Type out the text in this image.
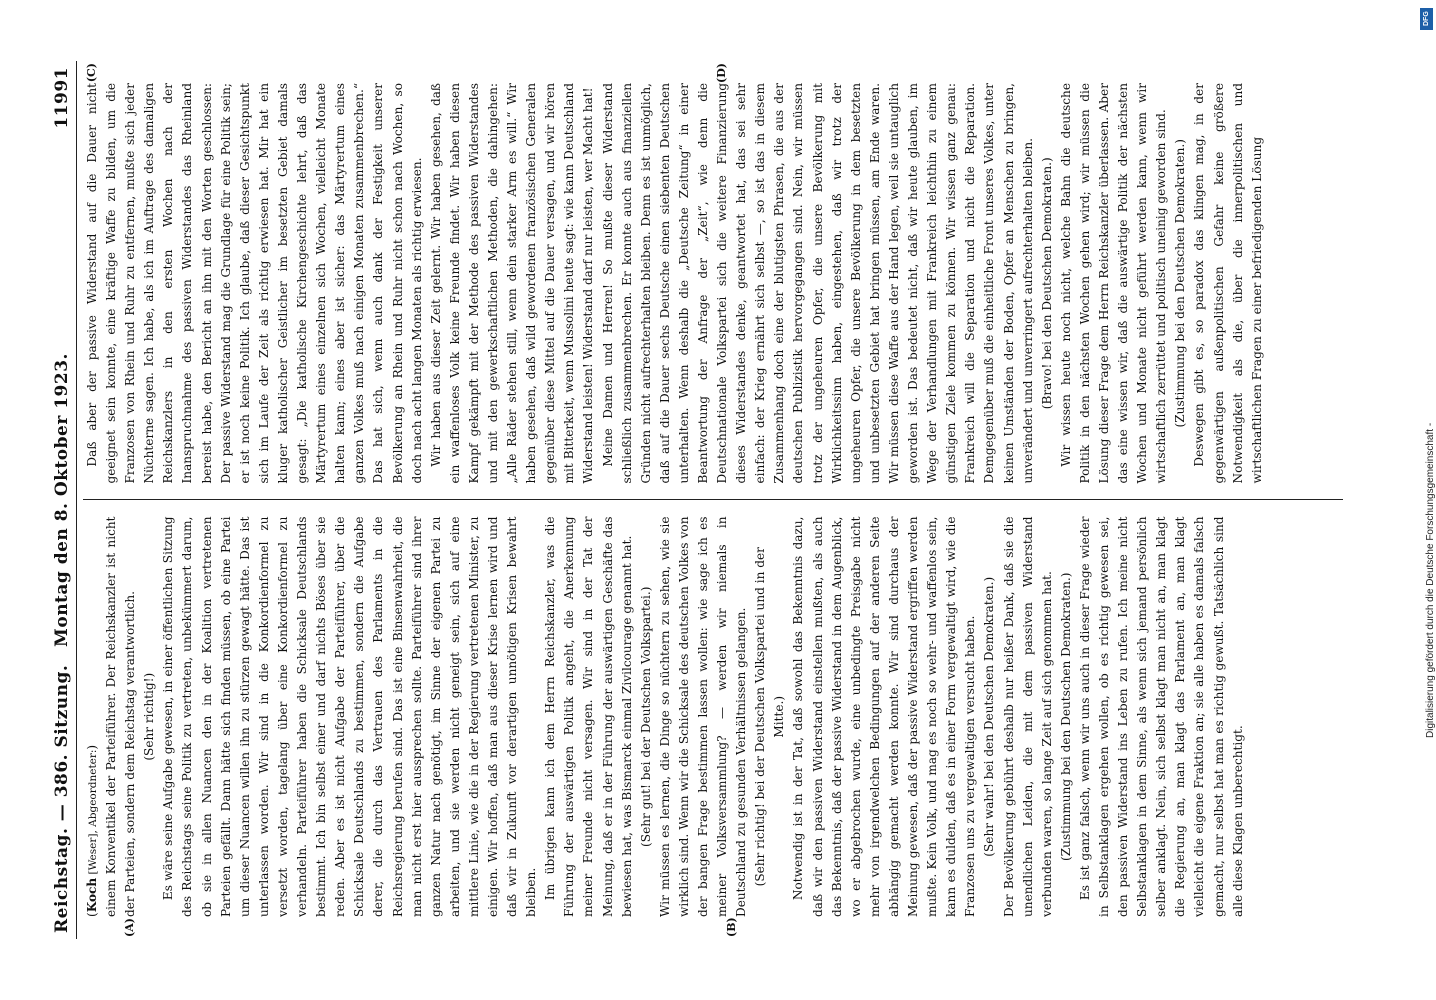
Reichstag. — 386. Sitzung.
Montag den 8. Oktober 1923.
11991
(A)	(B)

(Koch [Weser], Abgeordneter:) einem Konventikel der Parteiführer. Der Reichskanzler ist nicht der Parteien, sondern dem Reichstag verantwortlich. (Sehr richtig!) Es wäre seine Aufgabe gewesen, in einer öffentlichen Sitzung des Reichstags seine Politik zu vertreten, unbekümmert darum, ob sie in allen Nuancen den in der Koalition vertretenen Parteien gefällt. Dann hätte sich finden müssen, ob eine Partei um dieser Nuancen willen ihn zu stürzen gewagt hätte. Das ist unterlassen worden. Wir sind in die Konkordienformel zu versetzt worden, tagelang über eine Konkordienformel zu verhandeln. Parteiführer haben die Schicksale Deutschlands bestimmt. Ich bin selbst einer und darf nichts Böses über sie reden. Aber es ist nicht Aufgabe der Parteiführer, über die Schicksale Deutschlands zu bestimmen, sondern die Aufgabe derer, die durch das Vertrauen des Parlaments in die Reichsregierung berufen sind. Das ist eine Binsenwahrheit, die man nicht erst hier aussprechen sollte. Parteiführer sind ihrer ganzen Natur nach genötigt, im Sinne der eigenen Partei zu arbeiten, und sie werden nicht geneigt sein, sich auf eine mittlere Linie, wie die in der Regierung vertretenen Minister, zu einigen. Wir hoffen, daß man aus dieser Krise lernen wird und daß wir in Zukunft vor derartigen unnötigen Krisen bewahrt bleiben. Im übrigen kann ich dem Herrn Reichskanzler, was die Führung der auswärtigen Politik angeht, die Anerkennung meiner Freunde nicht versagen. Wir sind in der Tat der Meinung, daß er in der Führung der auswärtigen Geschäfte das bewiesen hat, was Bismarck einmal Zivilcourage genannt hat. (Sehr gut! bei der Deutschen Volkspartei.) Wir müssen es lernen, die Dinge so nüchtern zu sehen, wie sie wirklich sind. Wenn wir die Schicksale des deutschen Volkes von der bangen Frage bestimmen lassen wollen: wie sage ich es meiner Volksversammlung? — werden wir niemals in Deutschland zu gesunden Verhältnissen gelangen. (Sehr richtig! bei der Deutschen Volkspartei und in der Mitte.) Notwendig ist in der Tat, daß sowohl das Bekenntnis dazu, daß wir den passiven Widerstand einstellen mußten, als auch das Bekenntnis, daß der passive Widerstand in dem Augenblick, wo er abgebrochen wurde, eine unbedingte Preisgabe nicht mehr von irgendwelchen Bedingungen auf der anderen Seite abhängig gemacht werden konnte. Wir sind durchaus der Meinung gewesen, daß der passive Widerstand ergriffen werden mußte. Kein Volk, und mag es noch so wehr- und waffenlos sein, kann es dulden, daß es in einer Form vergewaltigt wird, wie die Franzosen uns zu vergewaltigen versucht haben. (Sehr wahr! bei den Deutschen Demokraten.) Der Bevölkerung gebührt deshalb nur heißer Dank, daß sie die unendlichen Leiden, die mit dem passiven Widerstand verbunden waren, so lange Zeit auf sich genommen hat. (Zustimmung bei den Deutschen Demokraten.) Es ist ganz falsch, wenn wir uns auch in dieser Frage wieder in Selbstanklagen ergehen wollen, ob es richtig gewesen sei, den passiven Widerstand ins Leben zu rufen. Ich meine nicht Selbstanklagen in dem Sinne, als wenn sich jemand persönlich selber anklagt. Nein, sich selbst klagt man nicht an, man klagt die Regierung an, man klagt das Parlament an, man klagt vielleicht die eigene Fraktion an; sie alle haben es damals falsch gemacht, nur selbst hat man es richtig gewußt. Tatsächlich sind alle diese Klagen unberechtigt.

(C)	(D)

Daß aber der passive Widerstand auf die Dauer nicht geeignet sein konnte, eine kräftige Waffe zu bilden, um die Franzosen von Rhein und Ruhr zu entfernen, mußte sich jeder Nüchterne sagen. Ich habe, als ich im Auftrage des damaligen Reichskanzlers in den ersten Wochen nach der Inanspruchnahme des passiven Widerstandes das Rheinland bereist habe, den Bericht an ihn mit den Worten geschlossen: Der passive Widerstand mag die Grundlage für eine Politik sein; er ist noch keine Politik. Ich glaube, daß dieser Gesichtspunkt sich im Laufe der Zeit als richtig erwiesen hat. Mir hat ein kluger katholischer Geistlicher im besetzten Gebiet damals gesagt: „Die katholische Kirchengeschichte lehrt, daß das Märtyrertum eines einzelnen sich Wochen, vielleicht Monate halten kann; eines aber ist sicher: das Märtyrertum eines ganzen Volkes muß nach einigen Monaten zusammenbrechen.“ Das hat sich, wenn auch dank der Festigkeit unserer Bevölkerung an Rhein und Ruhr nicht schon nach Wochen, so doch nach acht langen Monaten als richtig erwiesen. Wir haben aus dieser Zeit gelernt. Wir haben gesehen, daß ein waffenloses Volk keine Freunde findet. Wir haben diesen Kampf gekämpft mit der Methode des passiven Widerstandes und mit den gewerkschaftlichen Methoden, die dahingehen: „Alle Räder stehen still, wenn dein starker Arm es will.“ Wir haben gesehen, daß wild gewordenen französischen Generalen gegenüber diese Mittel auf die Dauer versagen, und wir hören mit Bitterkeit, wenn Mussolini heute sagt: wie kann Deutschland Widerstand leisten! Widerstand darf nur leisten, wer Macht hat! Meine Damen und Herren! So mußte dieser Widerstand schließlich zusammenbrechen. Er konnte auch aus finanziellen Gründen nicht aufrechterhalten bleiben. Denn es ist unmöglich, daß auf die Dauer sechs Deutsche einen siebenten Deutschen unterhalten. Wenn deshalb die „Deutsche Zeitung“ in einer Beantwortung der Anfrage der „Zeit“, wie denn die Deutschnationale Volkspartei sich die weitere Finanzierung dieses Widerstandes denke, geantwortet hat, das sei sehr einfach: der Krieg ernährt sich selbst —, so ist das in diesem Zusammenhang doch eine der blutigsten Phrasen, die aus der deutschen Publizistik hervorgegangen sind. Nein, wir müssen trotz der ungeheuren Opfer, die unsere Bevölkerung mit Wirklichkeitssinn haben, eingestehen, daß wir trotz der ungeheuren Opfer, die unsere Bevölkerung in dem besetzten und unbesetzten Gebiet hat bringen müssen, am Ende waren. Wir müssen diese Waffe aus der Hand legen, weil sie untauglich geworden ist. Das bedeutet nicht, daß wir heute glauben, im Wege der Verhandlungen mit Frankreich leichthin zu einem günstigen Ziele kommen zu können. Wir wissen ganz genau: Frankreich will die Separation und nicht die Reparation. Demgegenüber muß die einheitliche Front unseres Volkes, unter keinen Umständen der Boden, Opfer an Menschen zu bringen, unverändert und unverringert aufrechterhalten bleiben. (Bravo! bei den Deutschen Demokraten.) Wir wissen heute noch nicht, welche Bahn die deutsche Politik in den nächsten Wochen gehen wird; wir müssen die Lösung dieser Frage dem Herrn Reichskanzler überlassen. Aber das eine wissen wir, daß die auswärtige Politik der nächsten Wochen und Monate nicht geführt werden kann, wenn wir wirtschaftlich zerrüttet und politisch uneinig geworden sind. (Zustimmung bei den Deutschen Demokraten.) Deswegen gibt es, so paradox das klingen mag, in der gegenwärtigen außenpolitischen Gefahr keine größere Notwendigkeit als die, über die innerpolitischen und wirtschaftlichen Fragen zu einer befriedigenden Lösung

DFG
Digitalisierung gefördert durch die Deutsche Forschungsgemeinschaft -
